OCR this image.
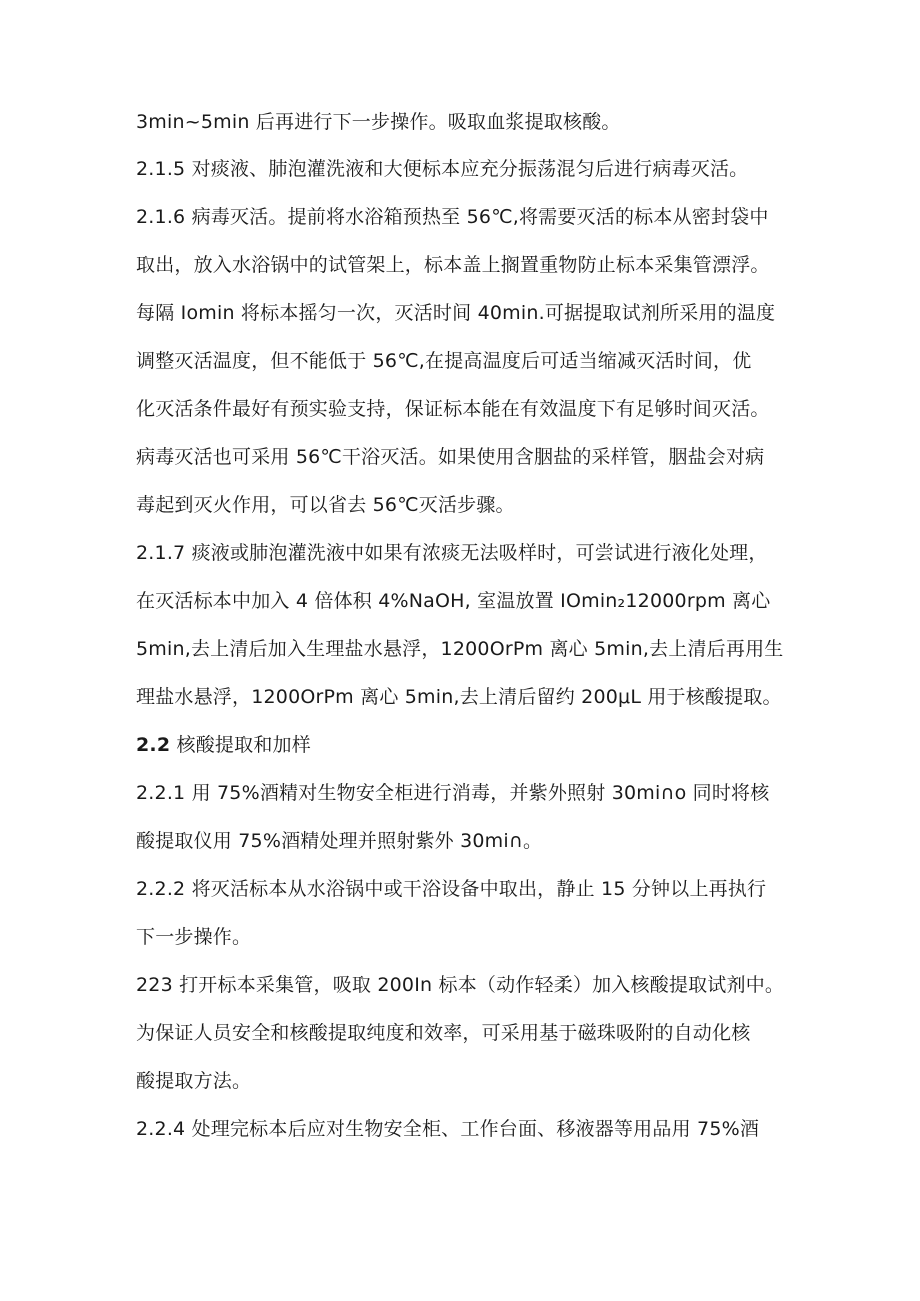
3min~5min 后再进行下一步操作。吸取血浆提取核酸。
2.1.5 对痰液、肺泡灌洗液和大便标本应充分振荡混匀后进行病毒灭活。
2.1.6 病毒灭活。提前将水浴箱预热至 56℃,将需要灭活的标本从密封袋中
取出，放入水浴锅中的试管架上，标本盖上搁置重物防止标本采集管漂浮。
每隔 Iomin 将标本摇匀一次，灭活时间 40min.可据提取试剂所采用的温度
调整灭活温度，但不能低于 56℃,在提高温度后可适当缩减灭活时间，优
化灭活条件最好有预实验支持，保证标本能在有效温度下有足够时间灭活。
病毒灭活也可采用 56℃干浴灭活。如果使用含胭盐的采样管，胭盐会对病
毒起到灭火作用，可以省去 56℃灭活步骤。
2.1.7 痰液或肺泡灌洗液中如果有浓痰无法吸样时，可尝试进行液化处理，
在灭活标本中加入 4 倍体积 4%NaOH, 室温放置 IOmin₂12000rpm 离心
5min,去上清后加入生理盐水悬浮，1200OrPm 离心 5min,去上清后再用生
理盐水悬浮，1200OrPm 离心 5min,去上清后留约 200μL 用于核酸提取。
2.2 核酸提取和加样
2.2.1 用 75%酒精对生物安全柜进行消毒，并紫外照射 30mi∩o 同时将核
酸提取仪用 75%酒精处理并照射紫外 30mi∩。
2.2.2 将灭活标本从水浴锅中或干浴设备中取出，静止 15 分钟以上再执行
下一步操作。
223 打开标本采集管，吸取 200In 标本（动作轻柔）加入核酸提取试剂中。
为保证人员安全和核酸提取纯度和效率，可采用基于磁珠吸附的自动化核
酸提取方法。
2.2.4 处理完标本后应对生物安全柜、工作台面、移液器等用品用 75%酒
